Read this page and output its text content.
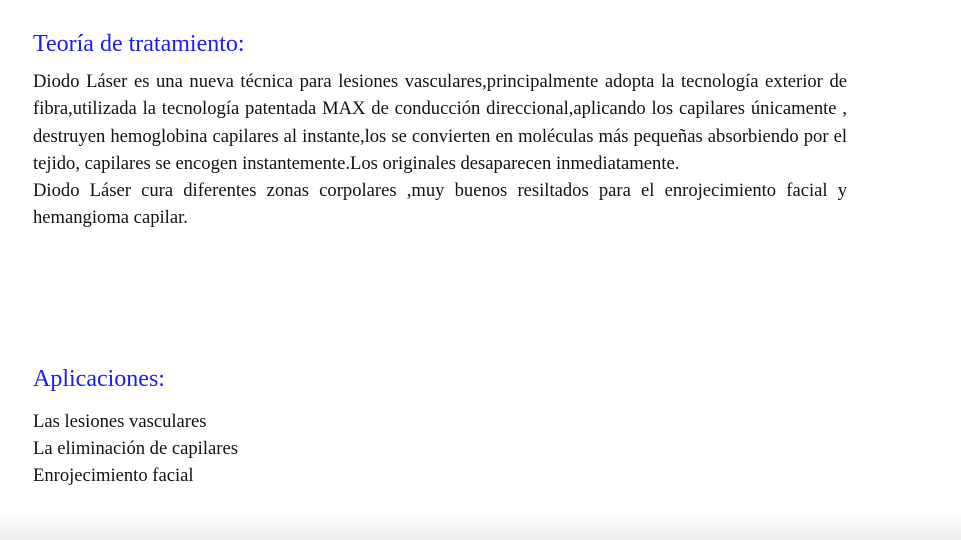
Teoría de tratamiento:

Diodo Láser es una nueva técnica para lesiones vasculares,principalmente adopta la tecnología exterior de fibra,utilizada la tecnología patentada MAX de conducción direccional,aplicando los capilares únicamente , destruyen hemoglobina capilares al instante,los se convierten en moléculas más pequeñas absorbiendo por el tejido, capilares se encogen instantemente.Los originales desaparecen inmediatamente.

Diodo Láser cura diferentes zonas corpolares ,muy buenos resiltados para el enrojecimiento facial y hemangioma capilar.

Aplicaciones:
Las lesiones vasculares
La eliminación de capilares
Enrojecimiento facial
